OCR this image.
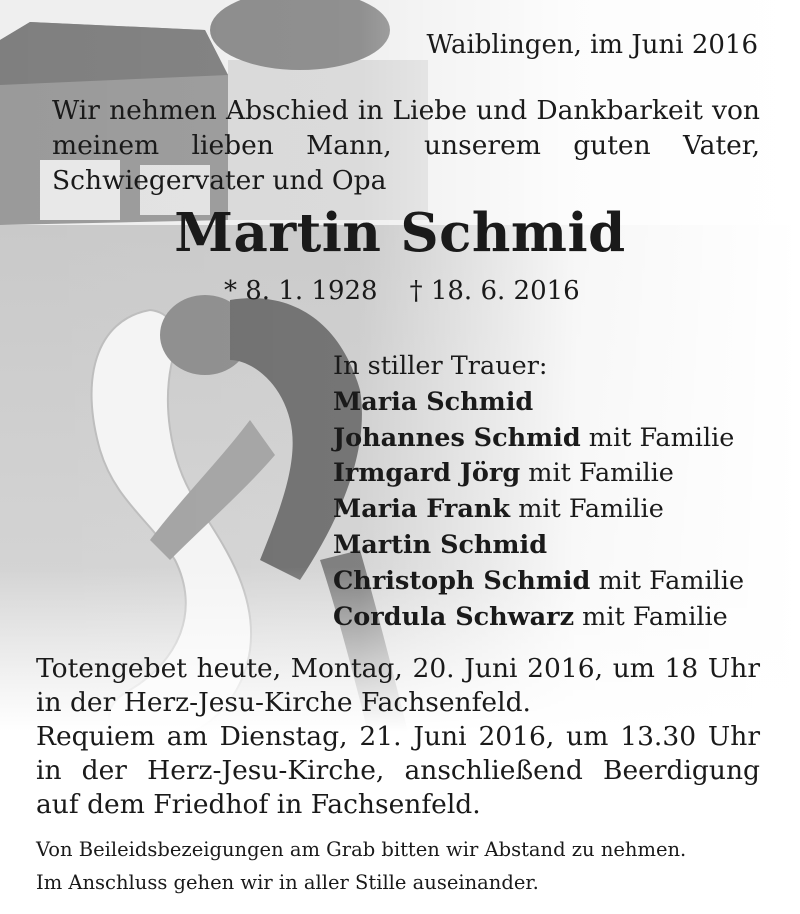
Waiblingen, im Juni 2016

Wir nehmen Abschied in Liebe und Dankbarkeit von meinem lieben Mann, unserem guten Vater, Schwiegervater und Opa

Martin Schmid

* 8. 1. 1928 † 18. 6. 2016

In stiller Trauer:
Maria Schmid
Johannes Schmid mit Familie
Irmgard Jörg mit Familie
Maria Frank mit Familie
Martin Schmid
Christoph Schmid mit Familie
Cordula Schwarz mit Familie
Totengebet heute, Montag, 20. Juni 2016, um 18 Uhr in der Herz-Jesu-Kirche Fachsenfeld.
Requiem am Dienstag, 21. Juni 2016, um 13.30 Uhr in der Herz-Jesu-Kirche, anschließend Beerdigung auf dem Friedhof in Fachsenfeld.
Von Beileidsbezeigungen am Grab bitten wir Abstand zu nehmen.
Im Anschluss gehen wir in aller Stille auseinander.
